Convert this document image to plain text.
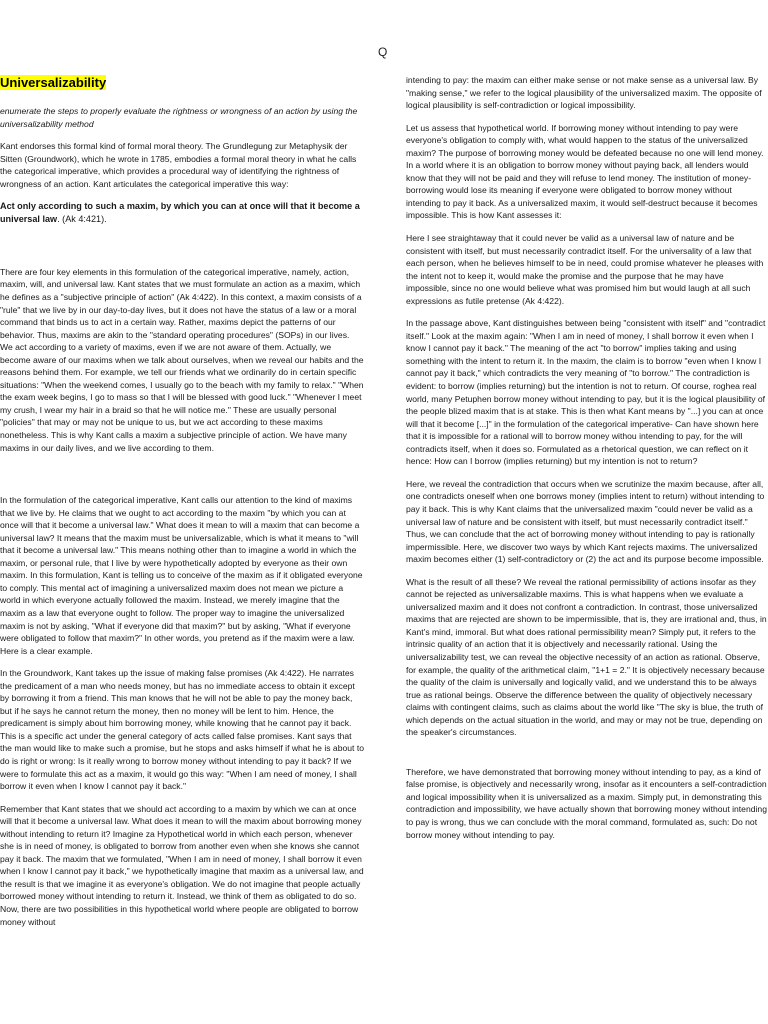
Q
Universalizability

enumerate the steps to properly evaluate the rightness or wrongness of an action by using the universalizability method

Kant endorses this formal kind of formal moral theory. The Grundlegung zur Metaphysik der Sitten (Groundwork), which he wrote in 1785, embodies a formal moral theory in what he calls the categorical imperative, which provides a procedural way of identifying the rightness of wrongness of an action. Kant articulates the categorical imperative this way:

Act only according to such a maxim, by which you can at once will that it become a universal law. (Ak 4:421).

There are four key elements in this formulation of the categorical imperative, namely, action, maxim, will, and universal law. Kant states that we must formulate an action as a maxim, which he defines as a "subjective principle of action" (Ak 4:422). In this context, a maxim consists of a "rule" that we live by in our day-to-day lives, but it does not have the status of a law or a moral command that binds us to act in a certain way. Rather, maxims depict the patterns of our behavior. Thus, maxims are akin to the "standard operating procedures" (SOPs) in our lives. We act according to a variety of maxims, even if we are not aware of them. Actually, we become aware of our maxims when we talk about ourselves, when we reveal our habits and the reasons behind them. For example, we tell our friends what we ordinarily do in certain specific situations: "When the weekend comes, I usually go to the beach with my family to relax." "When the exam week begins, I go to mass so that I will be blessed with good luck." "Whenever I meet my crush, I wear my hair in a braid so that he will notice me." These are usually personal "policies" that may or may not be unique to us, but we act according to these maxims nonetheless. This is why Kant calls a maxim a subjective principle of action. We have many maxims in our daily lives, and we live according to them.

In the formulation of the categorical imperative, Kant calls our attention to the kind of maxims that we live by. He claims that we ought to act according to the maxim "by which you can at once will that it become a universal law." What does it mean to will a maxim that can become a universal law? It means that the maxim must be universalizable, which is what it means to "will that it become a universal law." This means nothing other than to imagine a world in which the maxim, or personal rule, that I live by were hypothetically adopted by everyone as their own maxim. In this formulation, Kant is telling us to conceive of the maxim as if it obligated everyone to comply. This mental act of imagining a universalized maxim does not mean we picture a world in which everyone actually followed the maxim. Instead, we merely imagine that the maxim as a law that everyone ought to follow. The proper way to imagine the universalized maxim is not by asking, "What if everyone did that maxim?" but by asking, "What if everyone were obligated to follow that maxim?" In other words, you pretend as if the maxim were a law. Here is a clear example.

In the Groundwork, Kant takes up the issue of making false promises (Ak 4:422). He narrates the predicament of a man who needs money, but has no immediate access to obtain it except by borrowing it from a friend. This man knows that he will not be able to pay the money back, but if he says he cannot return the money, then no money will be lent to him. Hence, the predicament is simply about him borrowing money, while knowing that he cannot pay it back. This is a specific act under the general category of acts called false promises. Kant says that the man would like to make such a promise, but he stops and asks himself if what he is about to do is right or wrong: Is it really wrong to borrow money without intending to pay it back? If we were to formulate this act as a maxim, it would go this way: "When I am need of money, I shall borrow it even when I know I cannot pay it back."

Remember that Kant states that we should act according to a maxim by which we can at once will that it become a universal law. What does it mean to will the maxim about borrowing money without intending to return it? Imagine za Hypothetical world in which each person, whenever she is in need of money, is obligated to borrow from another even when she knows she cannot pay it back. The maxim that we formulated, "When I am in need of money, I shall borrow it even when I know I cannot pay it back," we hypothetically imagine that maxim as a universal law, and the result is that we imagine it as everyone's obligation. We do not imagine that people actually borrowed money without intending to return it. Instead, we think of them as obligated to do so. Now, there are two possibilities in this hypothetical world where people are obligated to borrow money without

intending to pay: the maxim can either make sense or not make sense as a universal law. By "making sense," we refer to the logical plausibility of the universalized maxim. The opposite of logical plausibility is self-contradiction or logical impossibility.

Let us assess that hypothetical world. If borrowing money without intending to pay were everyone's obligation to comply with, what would happen to the status of the universalized maxim? The purpose of borrowing money would be defeated because no one will lend money. In a world where it is an obligation to borrow money without paying back, all lenders would know that they will not be paid and they will refuse to lend money. The institution of money-borrowing would lose its meaning if everyone were obligated to borrow money without intending to pay it back. As a universalized maxim, it would self-destruct because it becomes impossible. This is how Kant assesses it:

Here I see straightaway that it could never be valid as a universal law of nature and be consistent with itself, but must necessarily contradict itself. For the universality of a law that each person, when he believes himself to be in need, could promise whatever he pleases with the intent not to keep it, would make the promise and the purpose that he may have impossible, since no one would believe what was promised him but would laugh at all such expressions as futile pretense (Ak 4:422).

In the passage above, Kant distinguishes between being "consistent with itself" and "contradict itself." Look at the maxim again: "When I am in need of money, I shall borrow it even when I know I cannot pay it back." The meaning of the act "to borrow" implies taking and using something with the intent to return it. In the maxim, the claim is to borrow "even when I know I cannot pay it back," which contradicts the very meaning of "to borrow." The contradiction is evident: to borrow (implies returning) but the intention is not to return. Of course, roghea real world, many Petuphen borrow money without intending to pay, but it is the logical plausibility of the people blized maxim that is at stake. This is then what Kant means by "...] you can at once will that it become [...]" in the formulation of the categorical imperative- Can have shown here that it is impossible for a rational will to borrow money withou intending to pay, for the will contradicts itself, when it does so. Formulated as a rhetorical question, we can reflect on it hence: How can I borrow (implies returning) but my intention is not to return?

Here, we reveal the contradiction that occurs when we scrutinize the maxim because, after all, one contradicts oneself when one borrows money (implies intent to return) without intending to pay it back. This is why Kant claims that the universalized maxim "could never be valid as a universal law of nature and be consistent with itself, but must necessarily contradict itself." Thus, we can conclude that the act of borrowing money without intending to pay is rationally impermissible. Here, we discover two ways by which Kant rejects maxims. The universalized maxim becomes either (1) self-contradictory or (2) the act and its purpose become impossible.

What is the result of all these? We reveal the rational permissibility of actions insofar as they cannot be rejected as universalizable maxims. This is what happens when we evaluate a universalized maxim and it does not confront a contradiction. In contrast, those universalized maxims that are rejected are shown to be impermissible, that is, they are irrational and, thus, in Kant's mind, immoral. But what does rational permissibility mean? Simply put, it refers to the intrinsic quality of an action that it is objectively and necessarily rational. Using the universalizability test, we can reveal the objective necessity of an action as rational. Observe, for example, the quality of the arithmetical claim, "1+1 = 2." It is objectively necessary because the quality of the claim is universally and logically valid, and we understand this to be always true as rational beings. Observe the difference between the quality of objectively necessary claims with contingent claims, such as claims about the world like "The sky is blue, the truth of which depends on the actual situation in the world, and may or may not be true, depending on the speaker's circumstances.

Therefore, we have demonstrated that borrowing money without intending to pay, as a kind of false promise, is objectively and necessarily wrong, insofar as it encounters a self-contradiction and logical impossibility when it is universalized as a maxim. Simply put, in demonstrating this contradiction and impossibility, we have actually shown that borrowing money without intending to pay is wrong, thus we can conclude with the moral command, formulated as, such: Do not borrow money without intending to pay.
